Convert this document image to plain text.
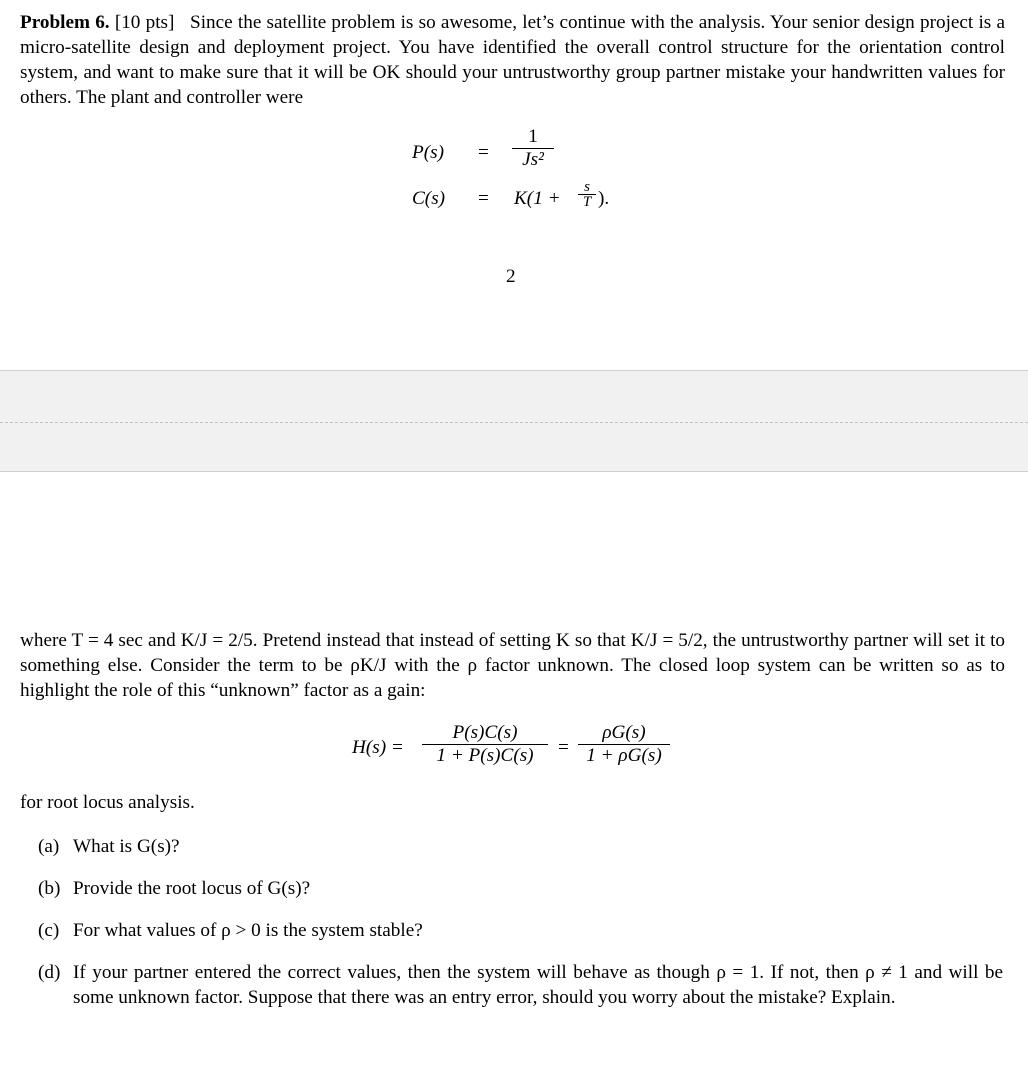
Problem 6. [10 pts] Since the satellite problem is so awesome, let’s continue with the analysis. Your senior design project is a micro-satellite design and deployment project. You have identified the overall control structure for the orientation control system, and want to make sure that it will be OK should your untrustworthy group partner mistake your handwritten values for others. The plant and controller were
$P(s) = \frac{1}{\text{Js²}}$
$C(s) = K(1 + \frac{s}{T}$ ).
2
where T = 4 sec and K/J = 2/5. Pretend instead that instead of setting K so that K/J = 5/2, the untrustworthy partner will set it to something else. Consider the term to be ρK/J with the ρ factor unknown. The closed loop system can be written so as to highlight the role of this “unknown” factor as a gain:
$H(s) = \frac{P(s)C(s)}{1 + P(s)C(s)} = \frac{\rho G(s)}{1 + \rho G(s)}$
for root locus analysis.
(a) What is G(s)?
(b) Provide the root locus of G(s)?
(c) For what values of ρ > 0 is the system stable?
(d) If your partner entered the correct values, then the system will behave as though ρ = 1. If not, then ρ ≠ 1 and will be some unknown factor. Suppose that there was an entry error, should you worry about the mistake? Explain.
